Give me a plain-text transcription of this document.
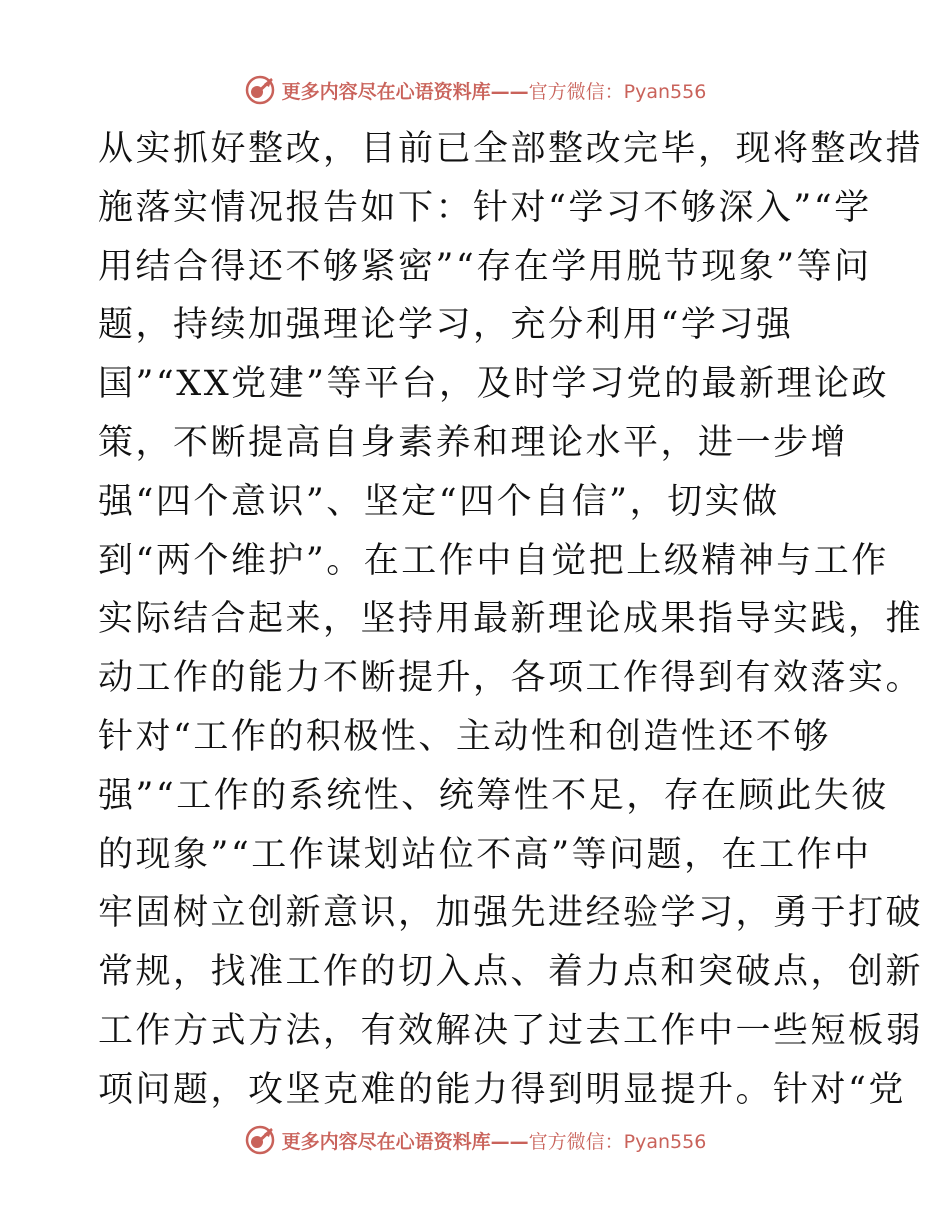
更多内容尽在心语资料库——官方微信：Pyan556
从实抓好整改，目前已全部整改完毕，现将整改措
施落实情况报告如下：针对“学习不够深入”“学
用结合得还不够紧密”“存在学用脱节现象”等问
题，持续加强理论学习，充分利用“学习强
国”“XX党建”等平台，及时学习党的最新理论政
策，不断提高自身素养和理论水平，进一步增
强“四个意识”、坚定“四个自信”，切实做
到“两个维护”。在工作中自觉把上级精神与工作
实际结合起来，坚持用最新理论成果指导实践，推
动工作的能力不断提升，各项工作得到有效落实。
针对“工作的积极性、主动性和创造性还不够
强”“工作的系统性、统筹性不足，存在顾此失彼
的现象”“工作谋划站位不高”等问题，在工作中
牢固树立创新意识，加强先进经验学习，勇于打破
常规，找准工作的切入点、着力点和突破点，创新
工作方式方法，有效解决了过去工作中一些短板弱
项问题，攻坚克难的能力得到明显提升。针对“党
更多内容尽在心语资料库——官方微信：Pyan556
